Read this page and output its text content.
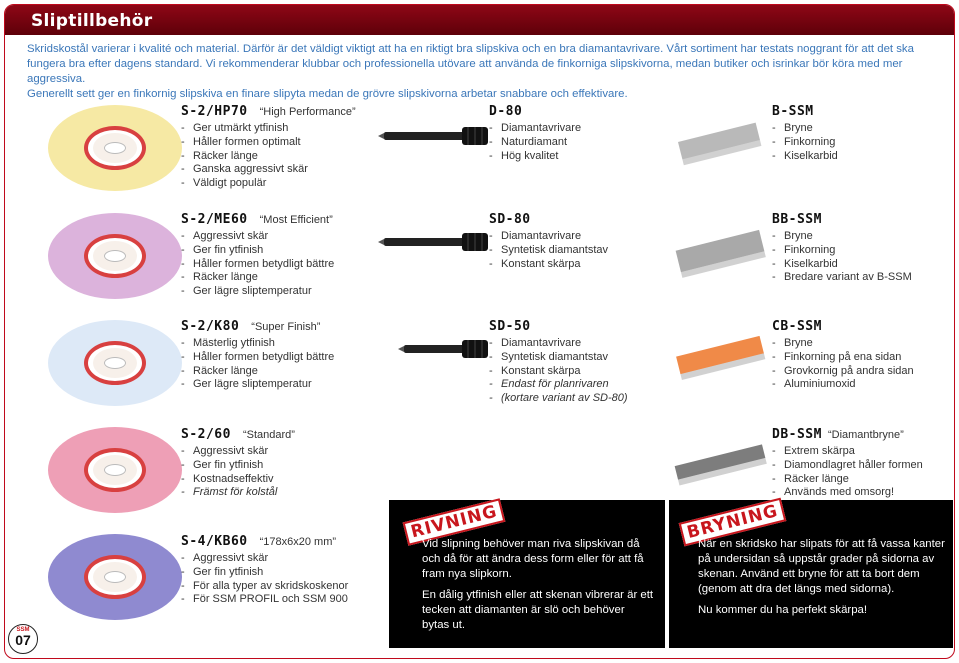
Sliptillbehör

Skridskostål varierar i kvalité och material. Därför är det väldigt viktigt att ha en riktigt bra slipskiva och en bra diamantavrivare. Vårt sortiment har testats noggrant för att det ska fungera bra efter dagens standard. Vi rekommenderar klubbar och professionella utövare att använda de finkorniga slipskivorna, medan butiker och isrinkar bör köra med mer aggressiva.

Generellt sett ger en finkornig slipskiva en finare slipyta medan de grövre slipskivorna arbetar snabbare och effektivare.

S-2/HP70 “High Performance”
- Ger utmärkt ytfinish
- Håller formen optimalt
- Räcker länge
- Ganska aggressivt skär
- Väldigt populär
S-2/ME60 “Most Efficient”
- Aggressivt skär
- Ger fin ytfinish
- Håller formen betydligt bättre
- Räcker länge
- Ger lägre sliptemperatur
S-2/K80 “Super Finish”
- Mästerlig ytfinish
- Håller formen betydligt bättre
- Räcker länge
- Ger lägre sliptemperatur
S-2/60 “Standard”
- Aggressivt skär
- Ger fin ytfinish
- Kostnadseffektiv
- Främst för kolstål
S-4/KB60 “178x6x20 mm”
- Aggressivt skär
- Ger fin ytfinish
- För alla typer av skridskoskenor
- För SSM PROFIL och SSM 900
D-80
- Diamantavrivare
- Naturdiamant
- Hög kvalitet
SD-80
- Diamantavrivare
- Syntetisk diamantstav
- Konstant skärpa
SD-50
- Diamantavrivare
- Syntetisk diamantstav
- Konstant skärpa
- Endast för planrivaren
- (kortare variant av SD-80)
B-SSM
- Bryne
- Finkorning
- Kiselkarbid
BB-SSM
- Bryne
- Finkorning
- Kiselkarbid
- Bredare variant av B-SSM
CB-SSM
- Bryne
- Finkorning på ena sidan
- Grovkornig på andra sidan
- Aluminiumoxid
DB-SSM “Diamantbryne”
- Extrem skärpa
- Diamondlagret håller formen
- Räcker länge
- Används med omsorg!
RIVNING

Vid slipning behöver man riva slipskivan då och då för att ändra dess form eller för att få fram nya slipkorn.

En dålig ytfinish eller att skenan vibrerar är ett tecken att diamanten är slö och behöver bytas ut.

BRYNING

När en skridsko har slipats för att få vassa kanter på undersidan så uppstår grader på sidorna av skenan. Använd ett bryne för att ta bort dem (genom att dra det längs med sidorna).

Nu kommer du ha perfekt skärpa!

SSM
07
